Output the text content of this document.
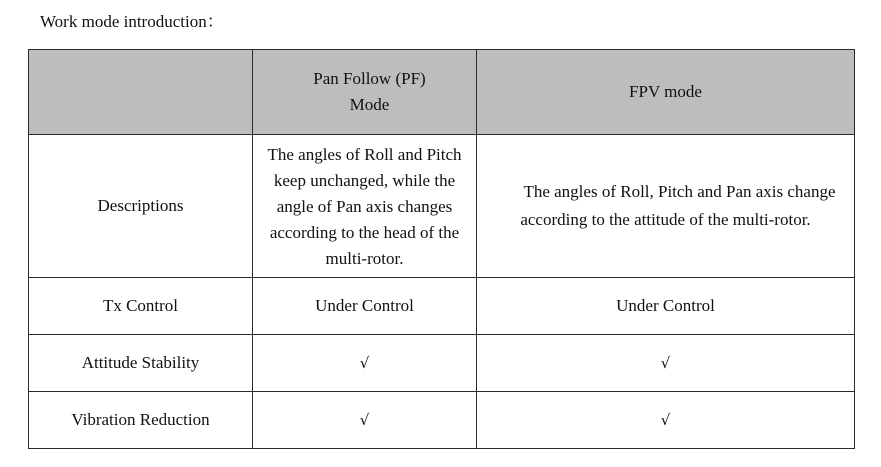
Work mode introduction：
	Pan Follow (PF) Mode	FPV mode
Descriptions	The angles of Roll and Pitch keep unchanged, while the angle of Pan axis changes according to the head of the multi-rotor.	The angles of Roll, Pitch and Pan axis change according to the attitude of the multi-rotor.

Tx Control	Under Control	Under Control
Attitude Stability	√	√
Vibration Reduction	√	√
